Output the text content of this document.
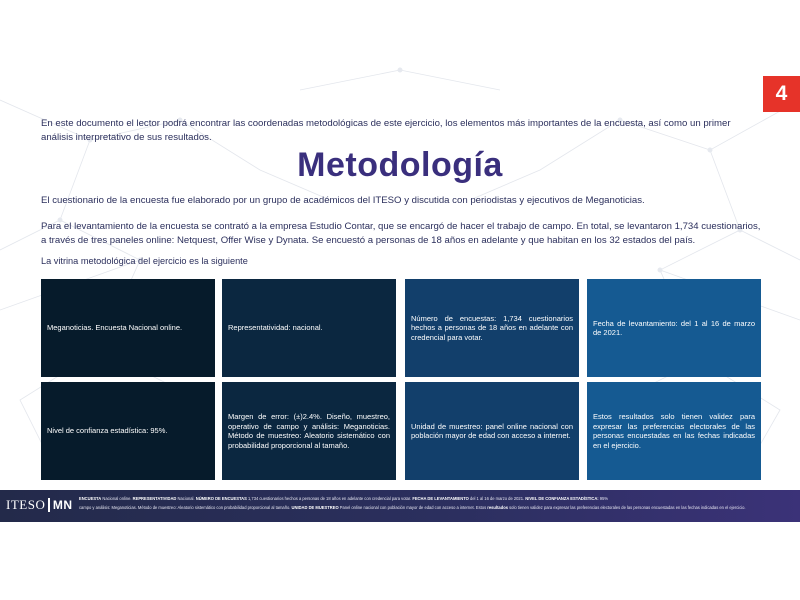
4
En este documento el lector podrá encontrar las coordenadas metodológicas de este ejercicio, los elementos más importantes de la encuesta, así como un primer análisis interpretativo de sus resultados.
Metodología
El cuestionario de la encuesta fue elaborado por un grupo de académicos del ITESO y discutida con periodistas y ejecutivos de Meganoticias.
Para el levantamiento de la encuesta se contrató a la empresa Estudio Contar, que se encargó de hacer el trabajo de campo. En total, se levantaron 1,734 cuestionarios, a través de tres paneles online: Netquest, Offer Wise y Dynata. Se encuestó a personas de 18 años en adelante y que habitan en los 32 estados del país.
La vitrina metodológica del ejercicio es la siguiente
Meganoticias. Encuesta Nacional online.	Representatividad: nacional.
Número de encuestas: 1,734 cuestionarios hechos a personas de 18 años en adelante con credencial para votar.
Fecha de levantamiento: del 1 al 16 de marzo de 2021.
Nivel de confianza estadística: 95%.
Margen de error: (±)2.4%. Diseño, muestreo, operativo de campo y análisis: Meganoticias. Método de muestreo: Aleatorio sistemático con probabilidad proporcional al tamaño.
Unidad de muestreo: panel online nacional con población mayor de edad con acceso a internet.
Estos resultados solo tienen validez para expresar las preferencias electorales de las personas encuestadas en las fechas indicadas en el ejercicio.
ITESO MN ENCUESTA Nacional online. REPRESENTATIVIDAD Nacional. NÚMERO DE ENCUESTAS 1,734 cuestionarios hechos a personas de 18 años en adelante con credencial para votar. FECHA DE LEVANTAMIENTO del 1 al 16 de marzo de 2021. NIVEL DE CONFIANZA ESTADÍSTICA: 95%
campo y análisis: Meganoticias. Método de muestreo: Aleatorio sistemático con probabilidad proporcional al tamaño. UNIDAD DE MUESTREO Panel online nacional con población mayor de edad con acceso a internet. Estos resultados solo tienen validez para expresar las preferencias electorales de las personas encuestadas en las fechas indicadas en el ejercicio.
